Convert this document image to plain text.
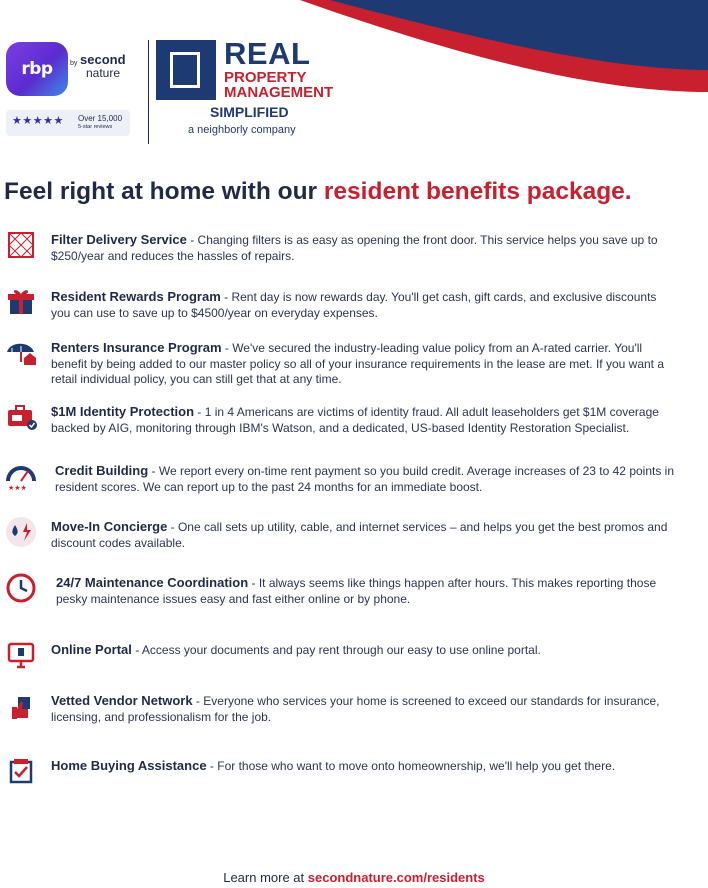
rbp	by second
nature
★★★★★ Over 15,000
5-star reviews
REAL
PROPERTY
MANAGEMENT
SIMPLIFIED
a neighborly company
Feel right at home with our resident benefits package.
Filter Delivery Service - Changing filters is as easy as opening the front door. This service helps you save up to $250/year and reduces the hassles of repairs.
Resident Rewards Program - Rent day is now rewards day. You'll get cash, gift cards, and exclusive discounts you can use to save up to $4500/year on everyday expenses.
Renters Insurance Program - We've secured the industry-leading value policy from an A-rated carrier. You'll benefit by being added to our master policy so all of your insurance requirements in the lease are met. If you want a retail individual policy, you can still get that at any time.
$1M Identity Protection - 1 in 4 Americans are victims of identity fraud. All adult leaseholders get $1M coverage backed by AIG, monitoring through IBM's Watson, and a dedicated, US-based Identity Restoration Specialist.
★★★
Credit Building - We report every on-time rent payment so you build credit. Average increases of 23 to 42 points in resident scores. We can report up to the past 24 months for an immediate boost.
Move-In Concierge - One call sets up utility, cable, and internet services – and helps you get the best promos and discount codes available.
24/7 Maintenance Coordination - It always seems like things happen after hours. This makes reporting those pesky maintenance issues easy and fast either online or by phone.
Online Portal - Access your documents and pay rent through our easy to use online portal.
Vetted Vendor Network - Everyone who services your home is screened to exceed our standards for insurance, licensing, and professionalism for the job.
Home Buying Assistance - For those who want to move onto homeownership, we'll help you get there.
Learn more at secondnature.com/residents
